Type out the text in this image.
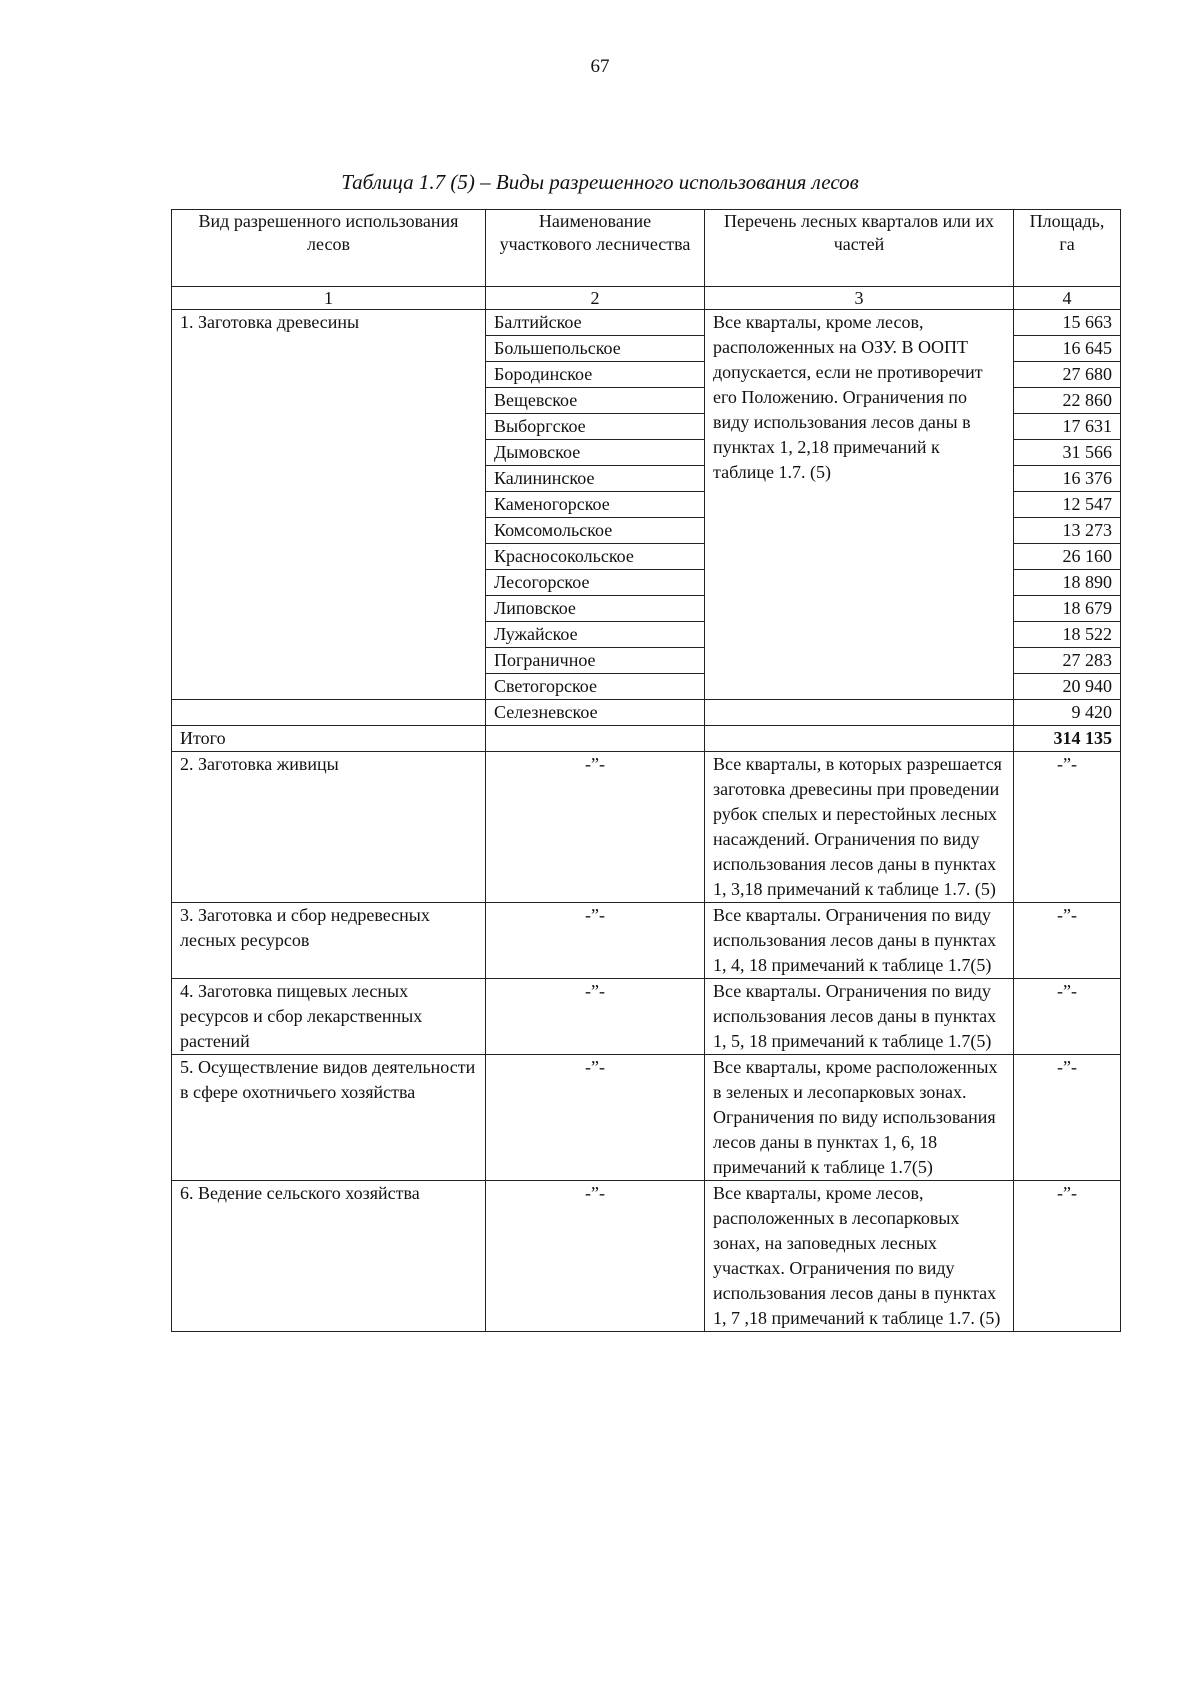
67
Таблица 1.7 (5) – Виды разрешенного использования лесов
Вид разрешенного использования лесов	Наименование участкового лесничества	Перечень лесных кварталов или их частей	Площадь, га
1	2	3	4
1. Заготовка древесины	Балтийское	Все кварталы, кроме лесов, расположенных на ОЗУ. В ООПТ допускается, если не противоречит его Положению. Ограничения по виду использования лесов даны в пунктах 1, 2,18 примечаний к таблице 1.7. (5)	15 663
	Большепольское		16 645
	Бородинское		27 680
	Вещевское		22 860
	Выборгское		17 631
	Дымовское		31 566
	Калининское		16 376
	Каменогорское		12 547
	Комсомольское		13 273
	Красносокольское		26 160
	Лесогорское		18 890
	Липовское		18 679
	Лужайское		18 522
	Пограничное		27 283
	Светогорское		20 940
	Селезневское		9 420
Итого			314 135
2. Заготовка живицы	-”-	Все кварталы, в которых разрешается заготовка древесины при проведении рубок спелых и перестойных лесных насаждений. Ограничения по виду использования лесов даны в пунктах 1, 3,18 примечаний к таблице 1.7. (5)	-”-
3. Заготовка и сбор недревесных лесных ресурсов	-”-	Все кварталы. Ограничения по виду использования лесов даны в пунктах 1, 4, 18 примечаний к таблице 1.7(5)	-”-
4. Заготовка пищевых лесных ресурсов и сбор лекарственных растений	-”-	Все кварталы. Ограничения по виду использования лесов даны в пунктах 1, 5, 18 примечаний к таблице 1.7(5)	-”-
5. Осуществление видов деятельности в сфере охотничьего хозяйства	-”-	Все кварталы, кроме расположенных в зеленых и лесопарковых зонах. Ограничения по виду использования лесов даны в пунктах 1, 6, 18 примечаний к таблице 1.7(5)	-”-
6. Ведение сельского хозяйства	-”-	Все кварталы, кроме лесов, расположенных в лесопарковых зонах, на заповедных лесных участках. Ограничения по виду использования лесов даны в пунктах 1, 7 ,18 примечаний к таблице 1.7. (5)	-”-
